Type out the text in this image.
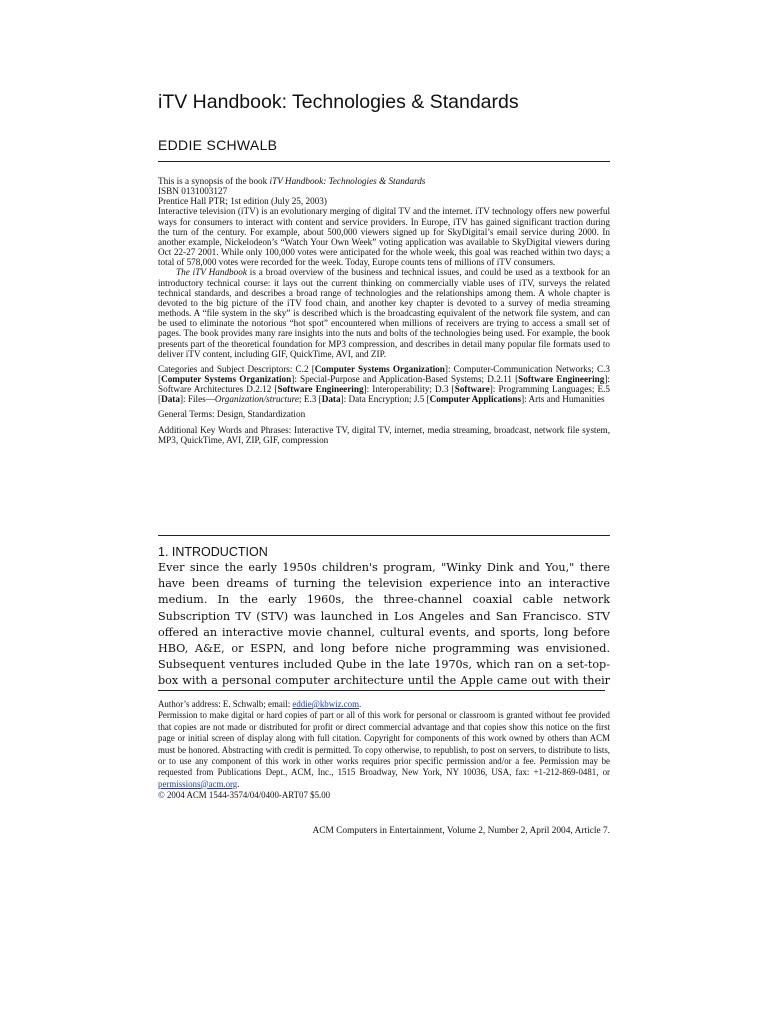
iTV Handbook: Technologies & Standards
EDDIE SCHWALB

This is a synopsis of the book iTV Handbook: Technologies & Standards

ISBN 0131003127

Prentice Hall PTR; 1st edition (July 25, 2003)

Interactive television (iTV) is an evolutionary merging of digital TV and the internet. iTV technology offers new powerful ways for consumers to interact with content and service providers. In Europe, iTV has gained significant traction during the turn of the century. For example, about 500,000 viewers signed up for SkyDigital’s email service during 2000. In another example, Nickelodeon’s “Watch Your Own Week” voting application was available to SkyDigital viewers during Oct 22-27 2001. While only 100,000 votes were anticipated for the whole week, this goal was reached within two days; a total of 578,000 votes were recorded for the week. Today, Europe counts tens of millions of iTV consumers.

The iTV Handbook is a broad overview of the business and technical issues, and could be used as a textbook for an introductory technical course: it lays out the current thinking on commercially viable uses of iTV, surveys the related technical standards, and describes a broad range of technologies and the relationships among them. A whole chapter is devoted to the big picture of the iTV food chain, and another key chapter is devoted to a survey of media streaming methods. A “file system in the sky” is described which is the broadcasting equivalent of the network file system, and can be used to eliminate the notorious “hot spot” encountered when millions of receivers are trying to access a small set of pages. The book provides many rare insights into the nuts and bolts of the technologies being used. For example, the book presents part of the theoretical foundation for MP3 compression, and describes in detail many popular file formats used to deliver iTV content, including GIF, QuickTime, AVI, and ZIP.

Categories and Subject Descriptors: C.2 [Computer Systems Organization]: Computer-Communication Networks; C.3 [Computer Systems Organization]: Special-Purpose and Application-Based Systems; D.2.11 [Software Engineering]: Software Architectures D.2.12 [Software Engineering]: Interoperability; D.3 [Software]: Programming Languages; E.5 [Data]: Files—Organization/structure; E.3 [Data]: Data Encryption; J.5 [Computer Applications]: Arts and Humanities

General Terms: Design, Standardization

Additional Key Words and Phrases: Interactive TV, digital TV, internet, media streaming, broadcast, network file system, MP3, QuickTime, AVI, ZIP, GIF, compression

1. INTRODUCTION

Ever since the early 1950s children's program, "Winky Dink and You," there have been dreams of turning the television experience into an interactive medium. In the early 1960s, the three-channel coaxial cable network Subscription TV (STV) was launched in Los Angeles and San Francisco. STV offered an interactive movie channel, cultural events, and sports, long before HBO, A&E, or ESPN, and long before niche programming was envisioned. Subsequent ventures included Qube in the late 1970s, which ran on a set-top-box with a personal computer architecture until the Apple came out with their

Author’s address: E. Schwalb; email: eddie@kbwiz.com.

Permission to make digital or hard copies of part or all of this work for personal or classroom is granted without fee provided that copies are not made or distributed for profit or direct commercial advantage and that copies show this notice on the first page or initial screen of display along with full citation. Copyright for components of this work owned by others than ACM must be honored. Abstracting with credit is permitted. To copy otherwise, to republish, to post on servers, to distribute to lists, or to use any component of this work in other works requires prior specific permission and/or a fee. Permission may be requested from Publications Dept., ACM, Inc., 1515 Broadway, New York, NY 10036, USA, fax: +1-212-869-0481, or permissions@acm.org.

© 2004 ACM 1544-3574/04/0400-ART07 $5.00

ACM Computers in Entertainment, Volume 2, Number 2, April 2004, Article 7.
